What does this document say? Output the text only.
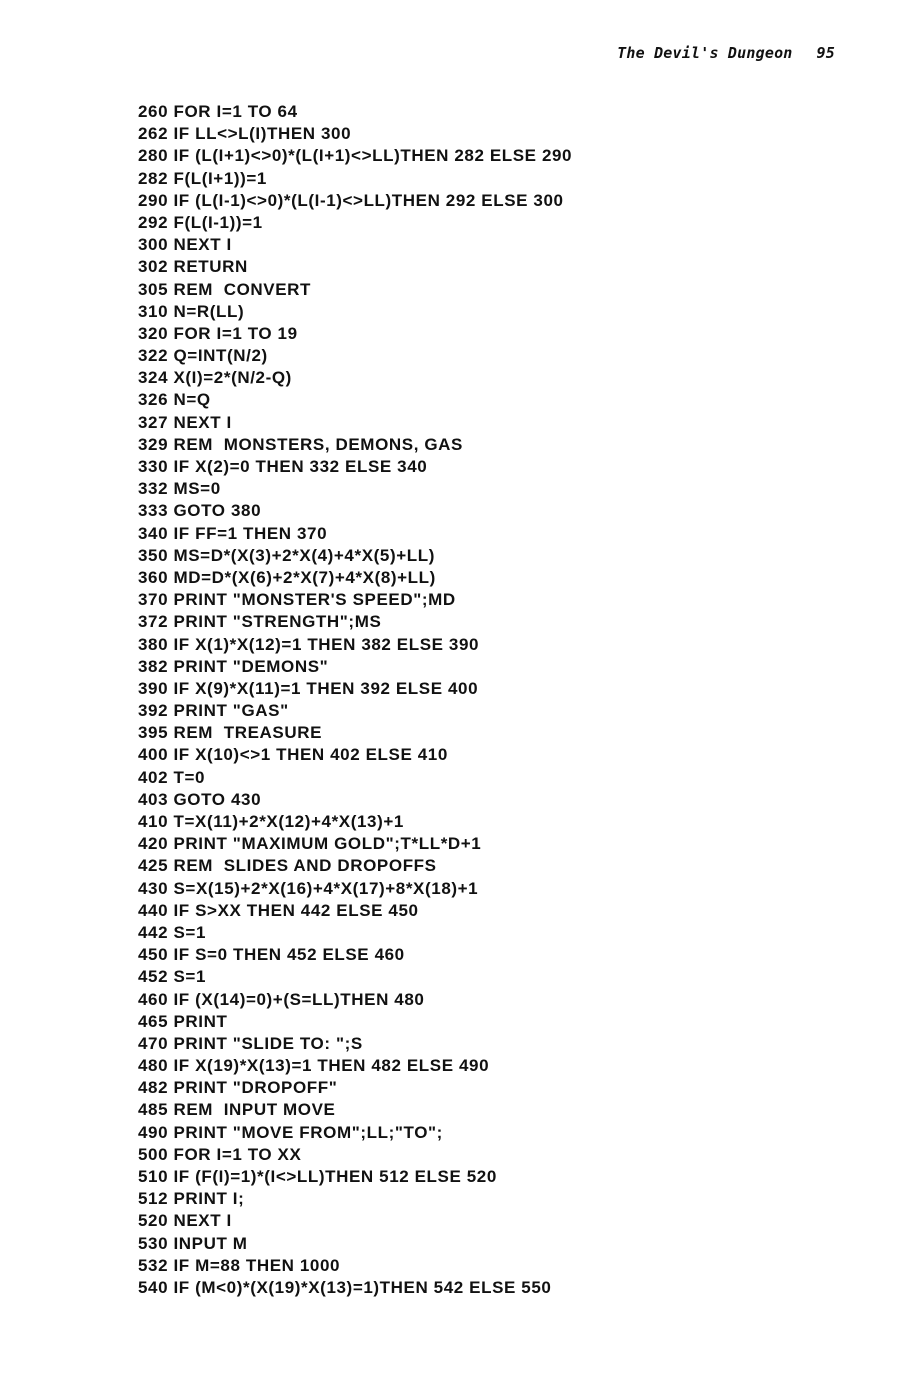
The Devil's Dungeon 95
260 FOR I=1 TO 64
262 IF LL<>L(I)THEN 300
280 IF (L(I+1)<>0)*(L(I+1)<>LL)THEN 282 ELSE 290
282 F(L(I+1))=1
290 IF (L(I-1)<>0)*(L(I-1)<>LL)THEN 292 ELSE 300
292 F(L(I-1))=1
300 NEXT I
302 RETURN
305 REM  CONVERT
310 N=R(LL)
320 FOR I=1 TO 19
322 Q=INT(N/2)
324 X(I)=2*(N/2-Q)
326 N=Q
327 NEXT I
329 REM  MONSTERS, DEMONS, GAS
330 IF X(2)=0 THEN 332 ELSE 340
332 MS=0
333 GOTO 380
340 IF FF=1 THEN 370
350 MS=D*(X(3)+2*X(4)+4*X(5)+LL)
360 MD=D*(X(6)+2*X(7)+4*X(8)+LL)
370 PRINT "MONSTER'S SPEED";MD
372 PRINT "STRENGTH";MS
380 IF X(1)*X(12)=1 THEN 382 ELSE 390
382 PRINT "DEMONS"
390 IF X(9)*X(11)=1 THEN 392 ELSE 400
392 PRINT "GAS"
395 REM  TREASURE
400 IF X(10)<>1 THEN 402 ELSE 410
402 T=0
403 GOTO 430
410 T=X(11)+2*X(12)+4*X(13)+1
420 PRINT "MAXIMUM GOLD";T*LL*D+1
425 REM  SLIDES AND DROPOFFS
430 S=X(15)+2*X(16)+4*X(17)+8*X(18)+1
440 IF S>XX THEN 442 ELSE 450
442 S=1
450 IF S=0 THEN 452 ELSE 460
452 S=1
460 IF (X(14)=0)+(S=LL)THEN 480
465 PRINT
470 PRINT "SLIDE TO: ";S
480 IF X(19)*X(13)=1 THEN 482 ELSE 490
482 PRINT "DROPOFF"
485 REM  INPUT MOVE
490 PRINT "MOVE FROM";LL;"TO";
500 FOR I=1 TO XX
510 IF (F(I)=1)*(I<>LL)THEN 512 ELSE 520
512 PRINT I;
520 NEXT I
530 INPUT M
532 IF M=88 THEN 1000
540 IF (M<0)*(X(19)*X(13)=1)THEN 542 ELSE 550
